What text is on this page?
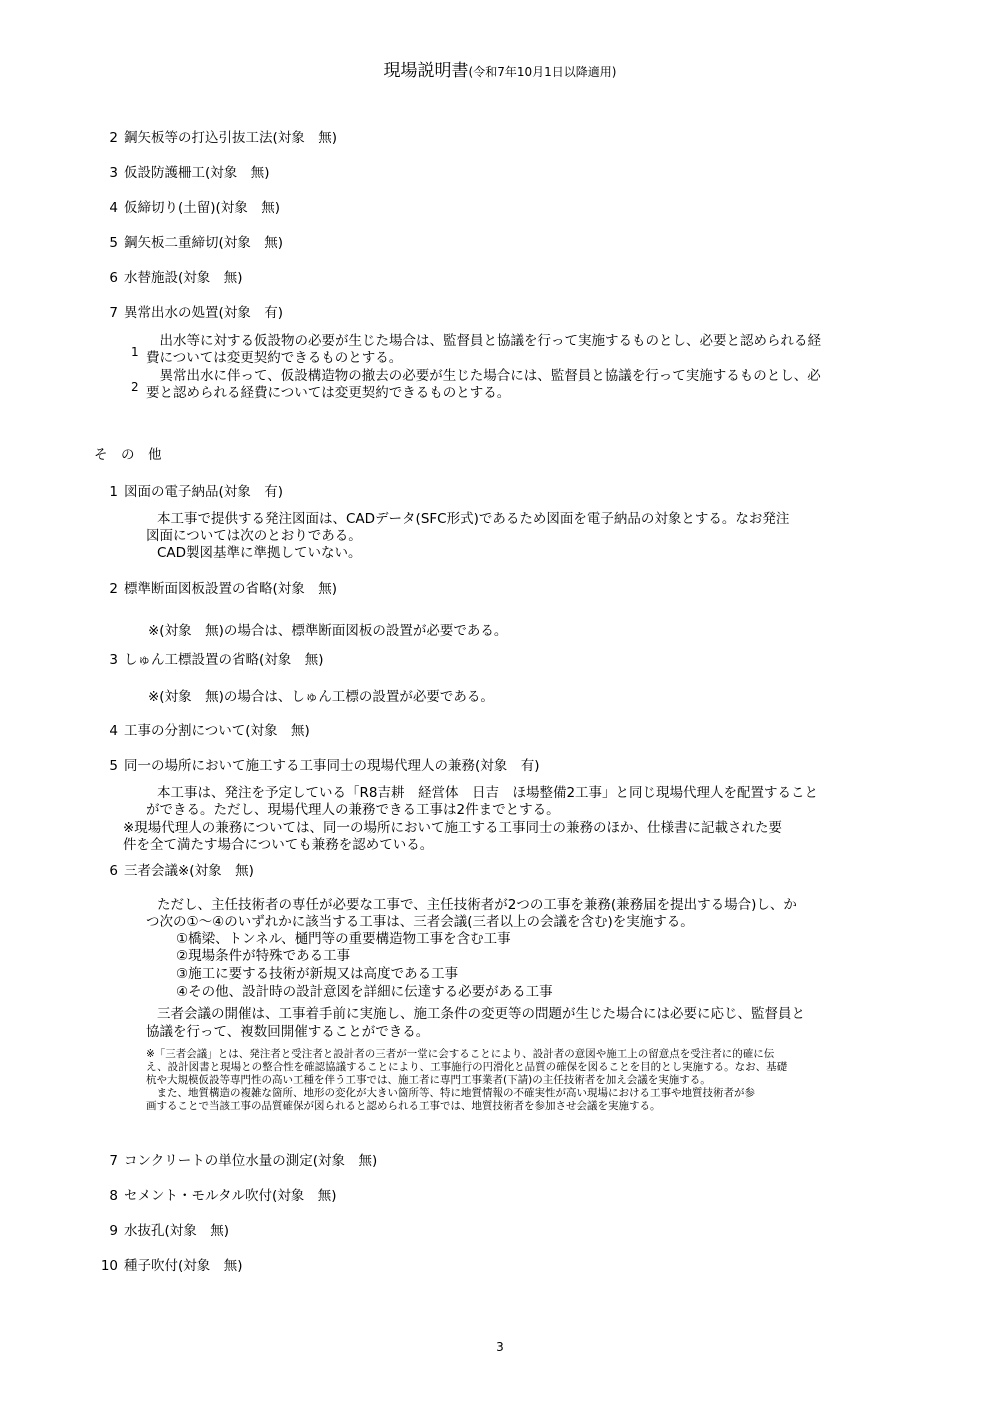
現場説明書(令和7年10月1日以降適用)
2 鋼矢板等の打込引抜工法(対象　無)
3 仮設防護柵工(対象　無)
4 仮締切り(土留)(対象　無)
5 鋼矢板二重締切(対象　無)
6 水替施設(対象　無)
7 異常出水の処置(対象　有)
1
　出水等に対する仮設物の必要が生じた場合は、監督員と協議を行って実施するものとし、必要と認められる経
費については変更契約できるものとする。
2
　異常出水に伴って、仮設構造物の撤去の必要が生じた場合には、監督員と協議を行って実施するものとし、必
要と認められる経費については変更契約できるものとする。
そ　の　他
1 図面の電子納品(対象　有)
本工事で提供する発注図面は、CADデータ(SFC形式)であるため図面を電子納品の対象とする。なお発注
図面については次のとおりである。
CAD製図基準に準拠していない。
2 標準断面図板設置の省略(対象　無)
※(対象　無)の場合は、標準断面図板の設置が必要である。
3 しゅん工標設置の省略(対象　無)
※(対象　無)の場合は、しゅん工標の設置が必要である。
4 工事の分割について(対象　無)
5 同一の場所において施工する工事同士の現場代理人の兼務(対象　有)
本工事は、発注を予定している「R8吉耕　経営体　日吉　ほ場整備2工事」と同じ現場代理人を配置すること
ができる。ただし、現場代理人の兼務できる工事は2件までとする。
※現場代理人の兼務については、同一の場所において施工する工事同士の兼務のほか、仕様書に記載された要
件を全て満たす場合についても兼務を認めている。
6 三者会議※(対象　無)
ただし、主任技術者の専任が必要な工事で、主任技術者が2つの工事を兼務(兼務届を提出する場合)し、か
つ次の①～④のいずれかに該当する工事は、三者会議(三者以上の会議を含む)を実施する。
①橋梁、トンネル、樋門等の重要構造物工事を含む工事
②現場条件が特殊である工事
③施工に要する技術が新規又は高度である工事
④その他、設計時の設計意図を詳細に伝達する必要がある工事
三者会議の開催は、工事着手前に実施し、施工条件の変更等の問題が生じた場合には必要に応じ、監督員と
協議を行って、複数回開催することができる。
※「三者会議」とは、発注者と受注者と設計者の三者が一堂に会することにより、設計者の意図や施工上の留意点を受注者に的確に伝
え、設計図書と現場との整合性を確認協議することにより、工事施行の円滑化と品質の確保を図ることを目的とし実施する。なお、基礎
杭や大規模仮設等専門性の高い工種を伴う工事では、施工者に専門工事業者(下請)の主任技術者を加え会議を実施する。
　また、地質構造の複雑な箇所、地形の変化が大きい箇所等、特に地質情報の不確実性が高い現場における工事や地質技術者が参
画することで当該工事の品質確保が図られると認められる工事では、地質技術者を参加させ会議を実施する。
7 コンクリートの単位水量の測定(対象　無)
8 セメント・モルタル吹付(対象　無)
9 水抜孔(対象　無)
10 種子吹付(対象　無)
3
